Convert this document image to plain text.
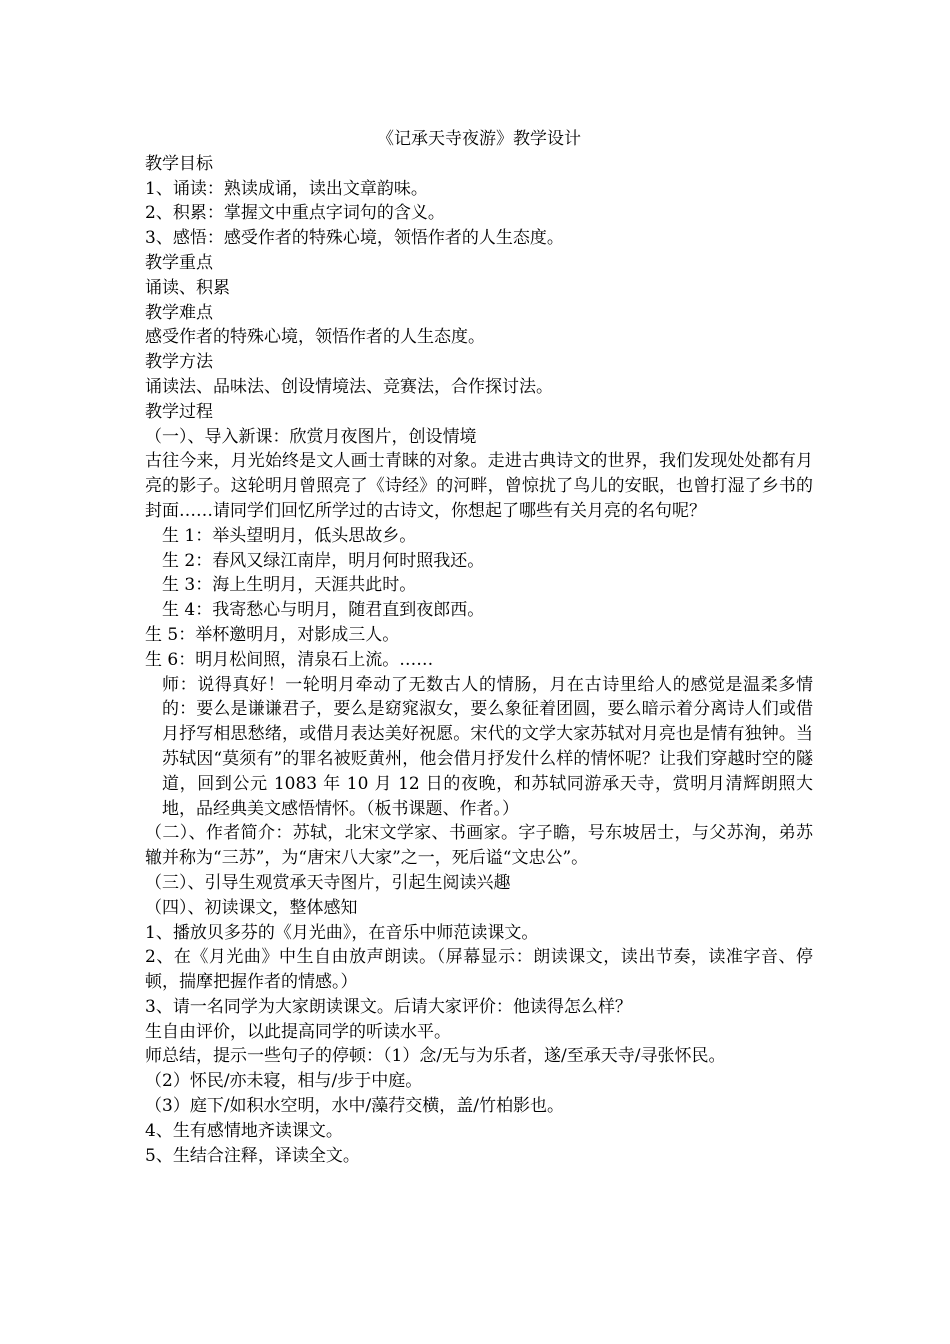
《记承天寺夜游》教学设计

教学目标

1、诵读：熟读成诵，读出文章韵味。

2、积累：掌握文中重点字词句的含义。

3、感悟：感受作者的特殊心境，领悟作者的人生态度。

教学重点

诵读、积累

教学难点

感受作者的特殊心境，领悟作者的人生态度。

教学方法

诵读法、品味法、创设情境法、竞赛法，合作探讨法。

教学过程

（一）、导入新课：欣赏月夜图片，创设情境

古往今来，月光始终是文人画士青睐的对象。走进古典诗文的世界，我们发现处处都有月亮的影子。这轮明月曾照亮了《诗经》的河畔，曾惊扰了鸟儿的安眠，也曾打湿了乡书的封面……请同学们回忆所学过的古诗文，你想起了哪些有关月亮的名句呢？

生 1：举头望明月，低头思故乡。

生 2：春风又绿江南岸，明月何时照我还。

生 3：海上生明月，天涯共此时。

生 4：我寄愁心与明月，随君直到夜郎西。

生 5：举杯邀明月，对影成三人。

生 6：明月松间照，清泉石上流。……

师：说得真好！一轮明月牵动了无数古人的情肠，月在古诗里给人的感觉是温柔多情的：要么是谦谦君子，要么是窈窕淑女，要么象征着团圆，要么暗示着分离诗人们或借月抒写相思愁绪，或借月表达美好祝愿。宋代的文学大家苏轼对月亮也是情有独钟。当苏轼因“莫须有”的罪名被贬黄州，他会借月抒发什么样的情怀呢？让我们穿越时空的隧道，回到公元 1083 年 10 月 12 日的夜晚，和苏轼同游承天寺，赏明月清辉朗照大地，品经典美文感悟情怀。（板书课题、作者。）

（二）、作者简介：苏轼，北宋文学家、书画家。字子瞻，号东坡居士，与父苏洵，弟苏辙并称为“三苏”，为“唐宋八大家”之一，死后谥“文忠公”。

（三）、引导生观赏承天寺图片，引起生阅读兴趣

（四）、初读课文，整体感知

1、播放贝多芬的《月光曲》，在音乐中师范读课文。

2、在《月光曲》中生自由放声朗读。（屏幕显示：朗读课文，读出节奏，读准字音、停顿，揣摩把握作者的情感。）

3、请一名同学为大家朗读课文。后请大家评价：他读得怎么样？

生自由评价，以此提高同学的听读水平。

师总结，提示一些句子的停顿：（1）念/无与为乐者，遂/至承天寺/寻张怀民。

（2）怀民/亦未寝，相与/步于中庭。

（3）庭下/如积水空明，水中/藻荇交横，盖/竹柏影也。

4、生有感情地齐读课文。

5、生结合注释，译读全文。
